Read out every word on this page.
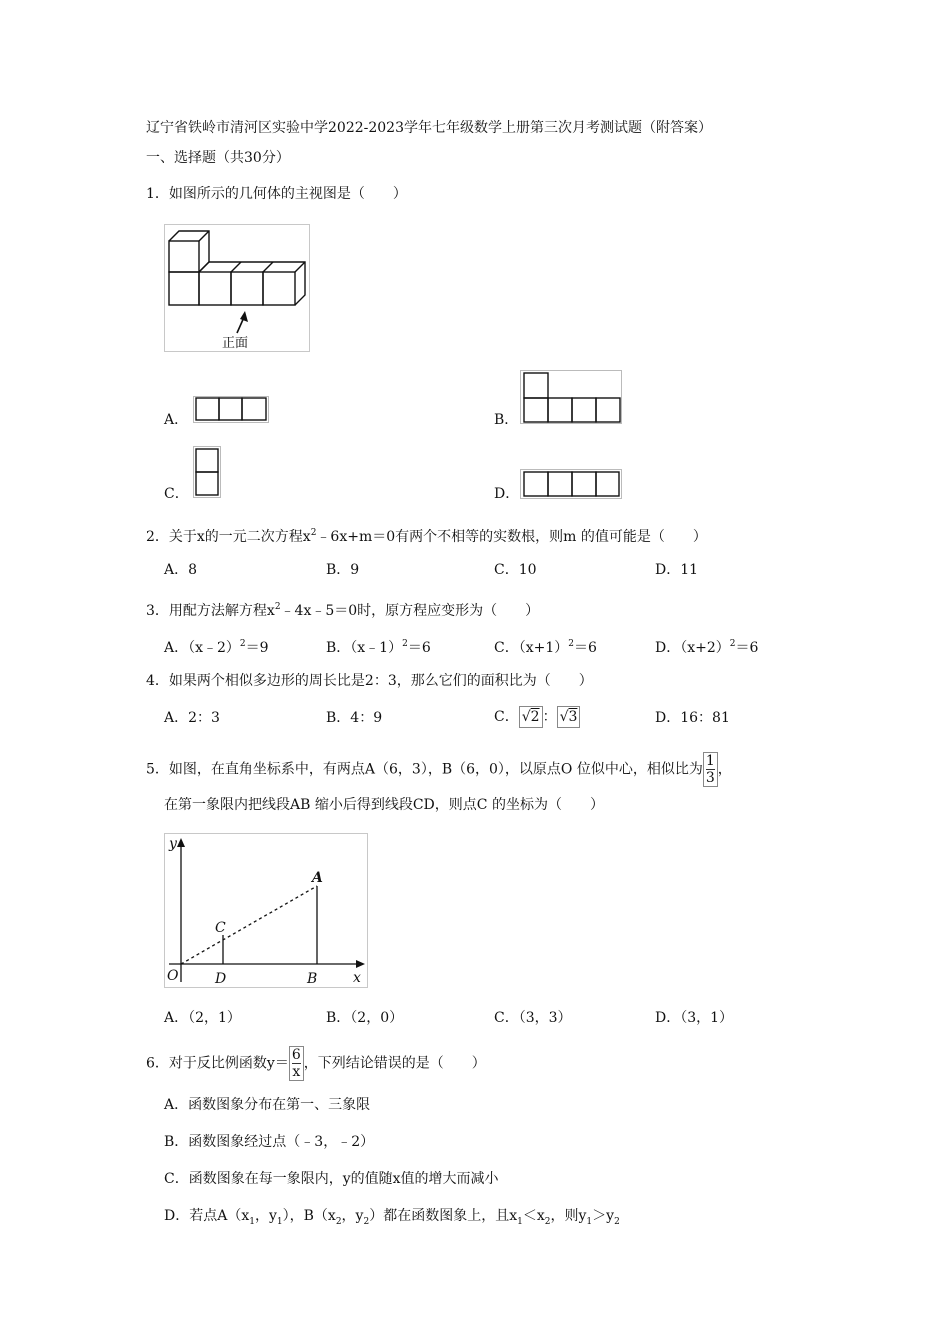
辽宁省铁岭市清河区实验中学2022-2023学年七年级数学上册第三次月考测试题（附答案）
一、选择题（共30分）
1．如图所示的几何体的主视图是（　　）
正面
A．	B．
C．	D．
2．关于x的一元二次方程$x^2﹣6x+m=0$有两个不相等的实数根，则m 的值可能是（　　）
A．8	B．9	C．10	D．11
3．用配方法解方程$x^2﹣4x﹣5=0$时，原方程应变形为（　　）
A．（x﹣2）$^2$＝9	B．（x﹣1）$^2$＝6	C．$(x+1)^2=6$	D．$(x+2)^2=6$
4．如果两个相似多边形的周长比是2：3，那么它们的面积比为（　　）
A．2：3	B．4：9	C． √2 ： √3	D．16：81
5．如图，在直角坐标系中，有两点A（6，3），B（6，0），以原点O 位似中心，相似比为 $\frac{1}{3}$ ，
在第一象限内把线段AB 缩小后得到线段CD，则点C 的坐标为（　　）
y
x
O
A
B
C
D
A．（2，1）	B．（2，0）	C．（3，3）	D．（3，1）
6．对于反比例函数$y= \frac{6}{x}$ ，下列结论错误的是（　　）
A．函数图象分布在第一、三象限
B．函数图象经过点（﹣3，﹣2）
C．函数图象在每一象限内，y的值随x值的增大而减小
D．若点$A(x_1$，$y_1$），$B(x_2$，$y_2$）都在函数图象上，且$x_1<x_2$，则$y_1>y_2$
